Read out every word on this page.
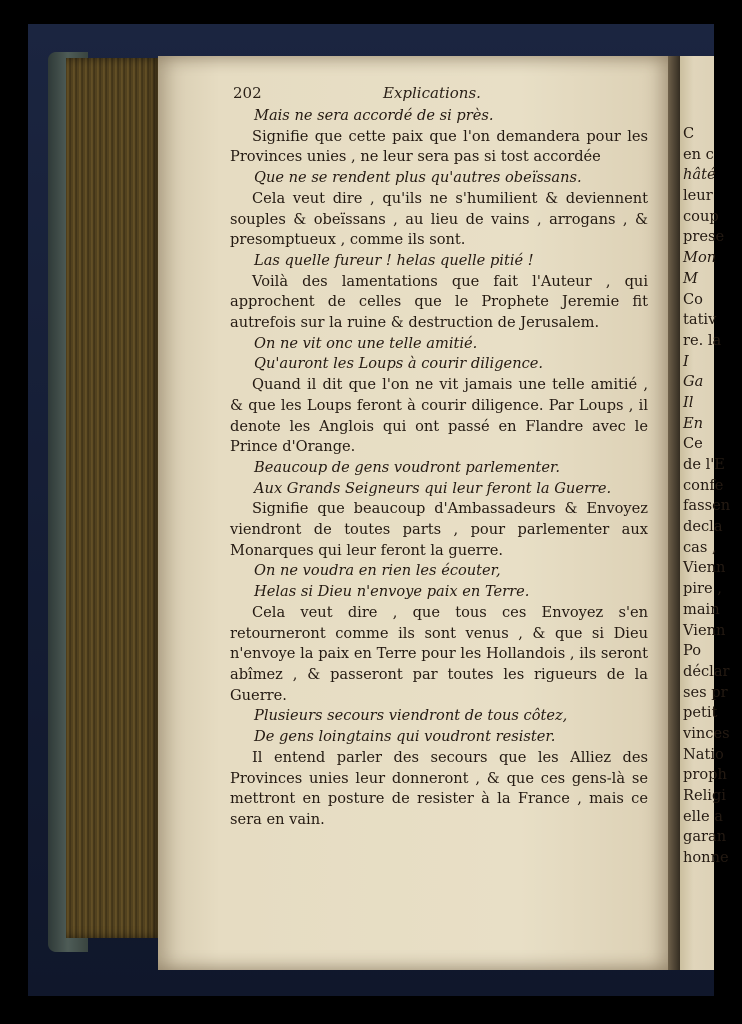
202	Explications.

Mais ne sera accordé de si près.

Signifie que cette paix que l'on demandera pour les Provinces unies , ne leur sera pas si tost accordée

Que ne se rendent plus qu'autres obeïssans.

Cela veut dire , qu'ils ne s'humilient & deviennent souples & obeïssans , au lieu de vains , arrogans , & presomptueux , comme ils sont.

Las quelle fureur ! helas quelle pitié !

Voilà des lamentations que fait l'Auteur , qui approchent de celles que le Prophete Jeremie fit autrefois sur la ruine & destruction de Jerusalem.

On ne vit onc une telle amitié.

Qu'auront les Loups à courir diligence.

Quand il dit que l'on ne vit jamais une telle amitié , & que les Loups feront à courir diligence. Par Loups , il denote les Anglois qui ont passé en Flandre avec le Prince d'Orange.

Beaucoup de gens voudront parlementer.

Aux Grands Seigneurs qui leur feront la Guerre.

Signifie que beaucoup d'Ambassadeurs & Envoyez viendront de toutes parts , pour parlementer aux Monarques qui leur feront la guerre.

On ne voudra en rien les écouter,

Helas si Dieu n'envoye paix en Terre.

Cela veut dire , que tous ces Envoyez s'en retourneront comme ils sont venus , & que si Dieu n'envoye la paix en Terre pour les Hollandois , ils seront abîmez , & passeront par toutes les rigueurs de la Guerre.

Plusieurs secours viendront de tous côtez,

De gens loingtains qui voudront resister.

Il entend parler des secours que les Alliez des Provinces unies leur donneront , & que ces gens-là se mettront en posture de resister à la France , mais ce sera en vain.

C
en c
hâté
leur
coup
prese
Mon
M
Co
tativ
re. la
I
Ga
Il
En
Ce
de l'E
confe
fassen
decla
cas ,
Vienn
pire ,
main
Vienn
Po
déclar
ses pr
petit
vinces
Natio
proph
Religi
elle a
garan
honne
